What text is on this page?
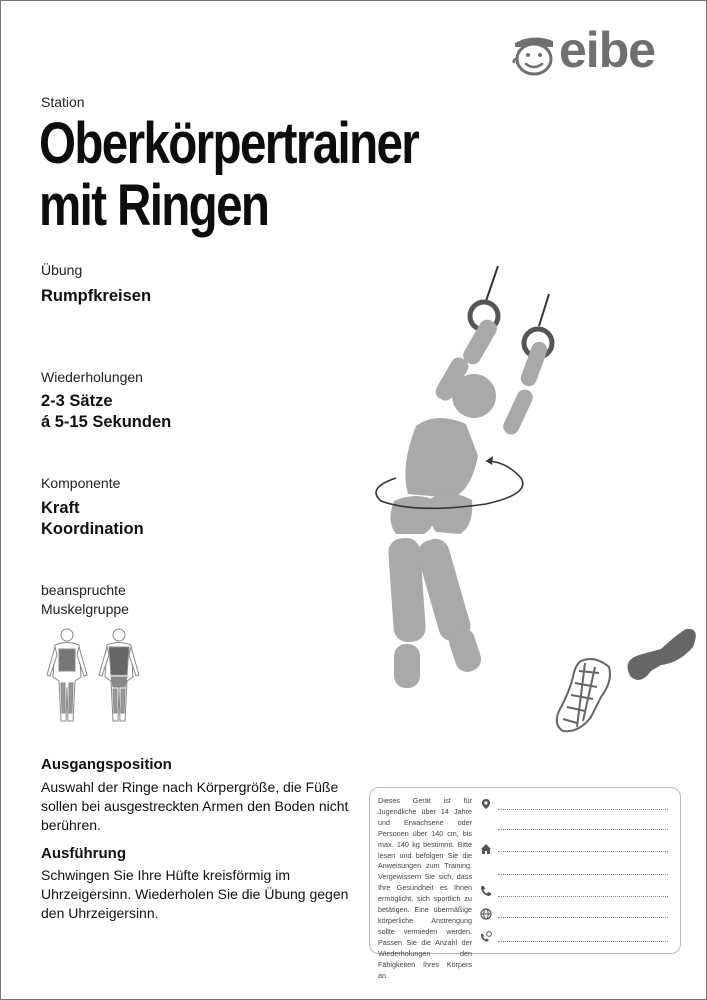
eibe
Station
Oberkörpertrainer
mit Ringen
Übung
Rumpfkreisen
Wiederholungen
2-3 Sätze
á 5-15 Sekunden
Komponente
Kraft
Koordination
beanspruchte
Muskelgruppe
Ausgangsposition
Auswahl der Ringe nach Körpergröße, die Füße sollen bei ausgestreckten Armen den Boden nicht berühren.
Ausführung
Schwingen Sie Ihre Hüfte kreisförmig im Uhrzeigersinn. Wiederholen Sie die Übung gegen den Uhrzeigersinn.
Dieses Gerät ist für Jugendliche über 14 Jahre und Erwachsene oder Personen über 140 cm, bis max. 140 kg bestimmt. Bitte lesen und befolgen Sie die Anweisungen zum Training. Vergewissern Sie sich, dass Ihre Gesundheit es Ihnen ermöglicht, sich sportlich zu betätigen. Eine übermäßige körperliche Anstrengung sollte vermieden werden. Passen Sie die Anzahl der Wiederholungen den Fähigkeiten Ihres Körpers an.
